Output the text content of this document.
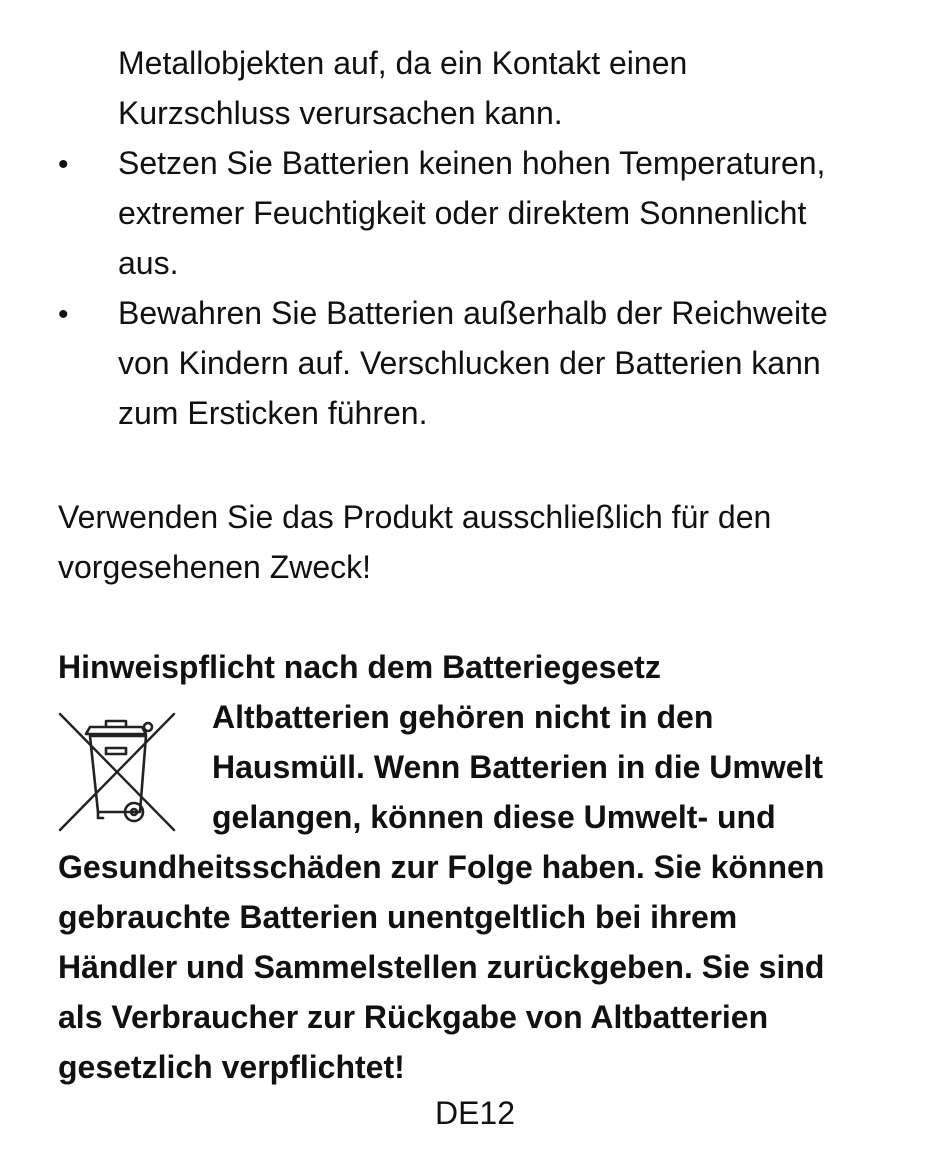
Metallobjekten auf, da ein Kontakt einen
Kurzschluss verursachen kann.
• Setzen Sie Batterien keinen hohen Temperaturen,
extremer Feuchtigkeit oder direktem Sonnenlicht
aus.
• Bewahren Sie Batterien außerhalb der Reichweite
von Kindern auf. Verschlucken der Batterien kann
zum Ersticken führen.
Verwenden Sie das Produkt ausschließlich für den
vorgesehenen Zweck!
Hinweispflicht nach dem Batteriegesetz
Altbatterien gehören nicht in den
Hausmüll. Wenn Batterien in die Umwelt
gelangen, können diese Umwelt- und
Gesundheitsschäden zur Folge haben. Sie können
gebrauchte Batterien unentgeltlich bei ihrem
Händler und Sammelstellen zurückgeben. Sie sind
als Verbraucher zur Rückgabe von Altbatterien
gesetzlich verpflichtet!
DE12
